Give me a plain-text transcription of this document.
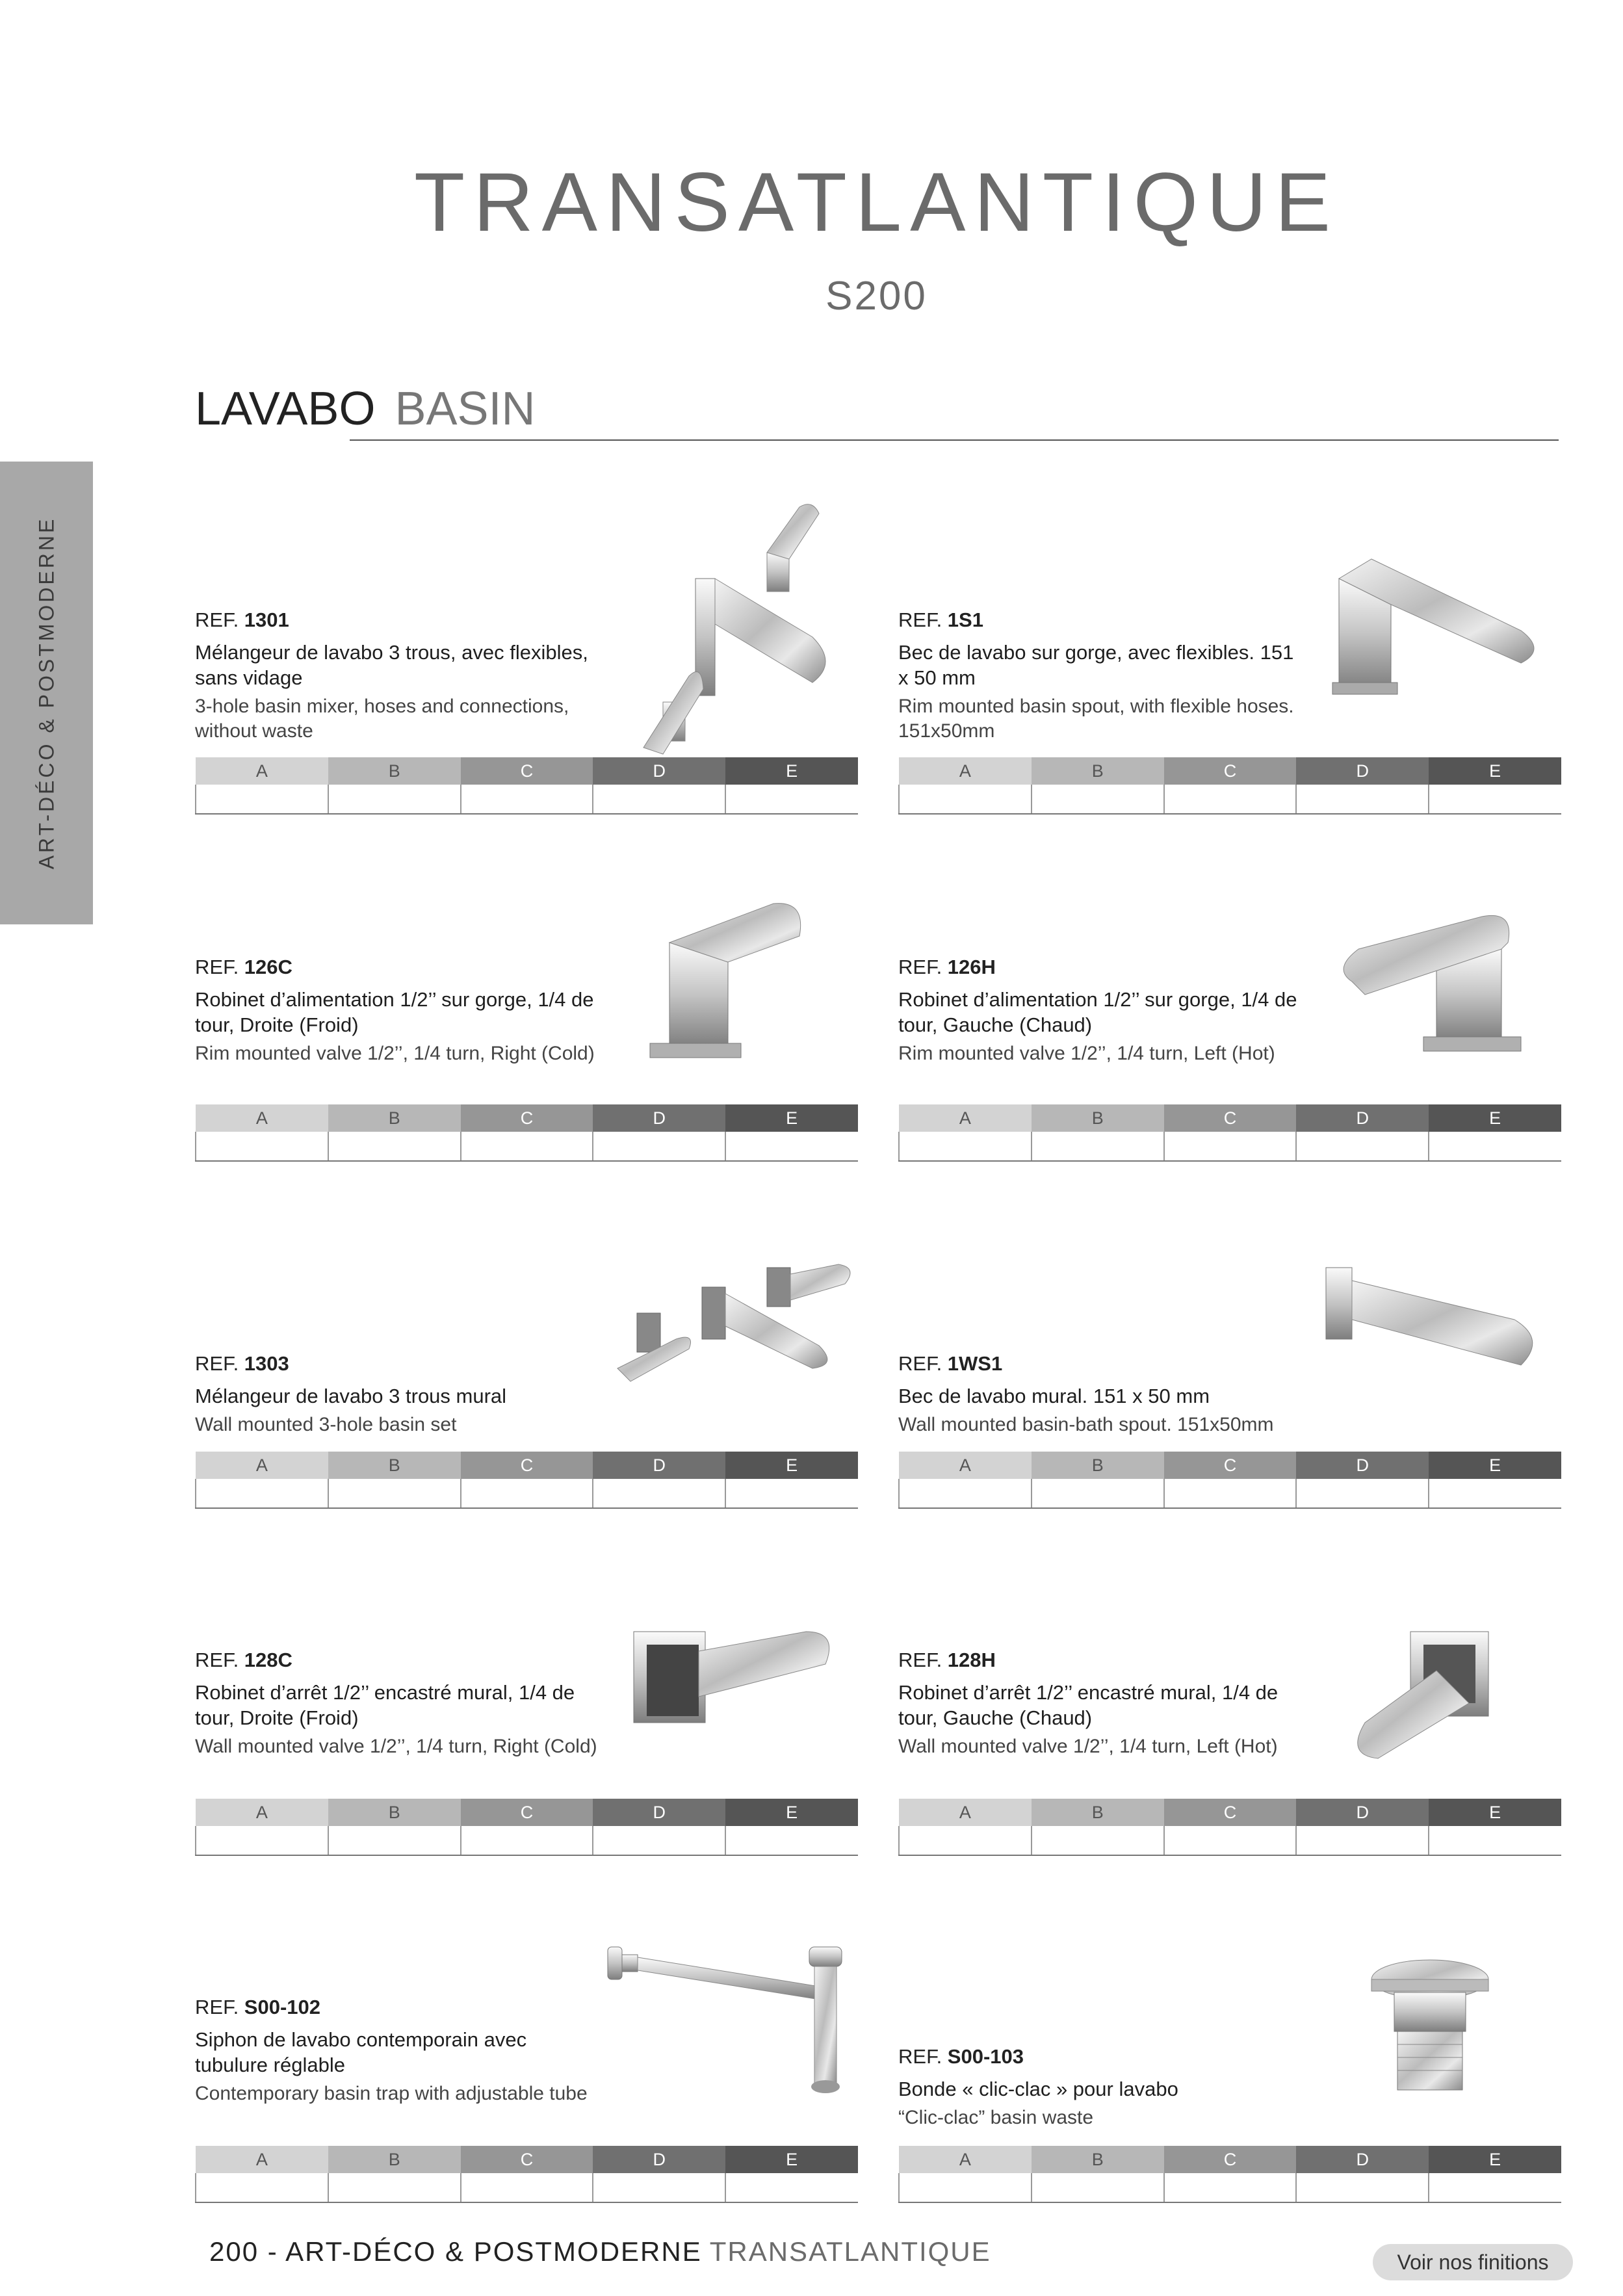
TRANSATLANTIQUE
S200
LAVABO BASIN
ART-DÉCO & POSTMODERNE	REF. 1301
Mélangeur de lavabo 3 trous, avec flexibles, sans vidage
3-hole basin mixer, hoses and connections, without waste
A	B	C	D	E

REF. 1S1
Bec de lavabo sur gorge, avec flexibles. 151 x 50 mm
Rim mounted basin spout, with flexible hoses. 151x50mm
A	B	C	D	E

REF. 126C
Robinet d’alimentation 1/2’’ sur gorge, 1/4 de tour, Droite (Froid)
Rim mounted valve 1/2’’, 1/4 turn, Right (Cold)
A	B	C	D	E

REF. 126H
Robinet d’alimentation 1/2’’ sur gorge, 1/4 de tour, Gauche (Chaud)
Rim mounted valve 1/2’’, 1/4 turn, Left (Hot)
A	B	C	D	E

REF. 1303
Mélangeur de lavabo 3 trous mural
Wall mounted 3-hole basin set
A	B	C	D	E

REF. 1WS1
Bec de lavabo mural. 151 x 50 mm
Wall mounted basin-bath spout. 151x50mm
A	B	C	D	E

REF. 128C
Robinet d’arrêt 1/2’’ encastré mural, 1/4 de tour, Droite (Froid)
Wall mounted valve 1/2’’, 1/4 turn, Right (Cold)
A	B	C	D	E

REF. 128H
Robinet d’arrêt 1/2’’ encastré mural, 1/4 de tour, Gauche (Chaud)
Wall mounted valve 1/2’’, 1/4 turn, Left (Hot)
A	B	C	D	E

REF. S00-102
Siphon de lavabo contemporain avec tubulure réglable
Contemporary basin trap with adjustable tube
A	B	C	D	E

REF. S00-103
Bonde « clic-clac » pour lavabo
“Clic-clac” basin waste
A	B	C	D	E

200 - ART-DÉCO & POSTMODERNE TRANSATLANTIQUE	Voir nos finitions
